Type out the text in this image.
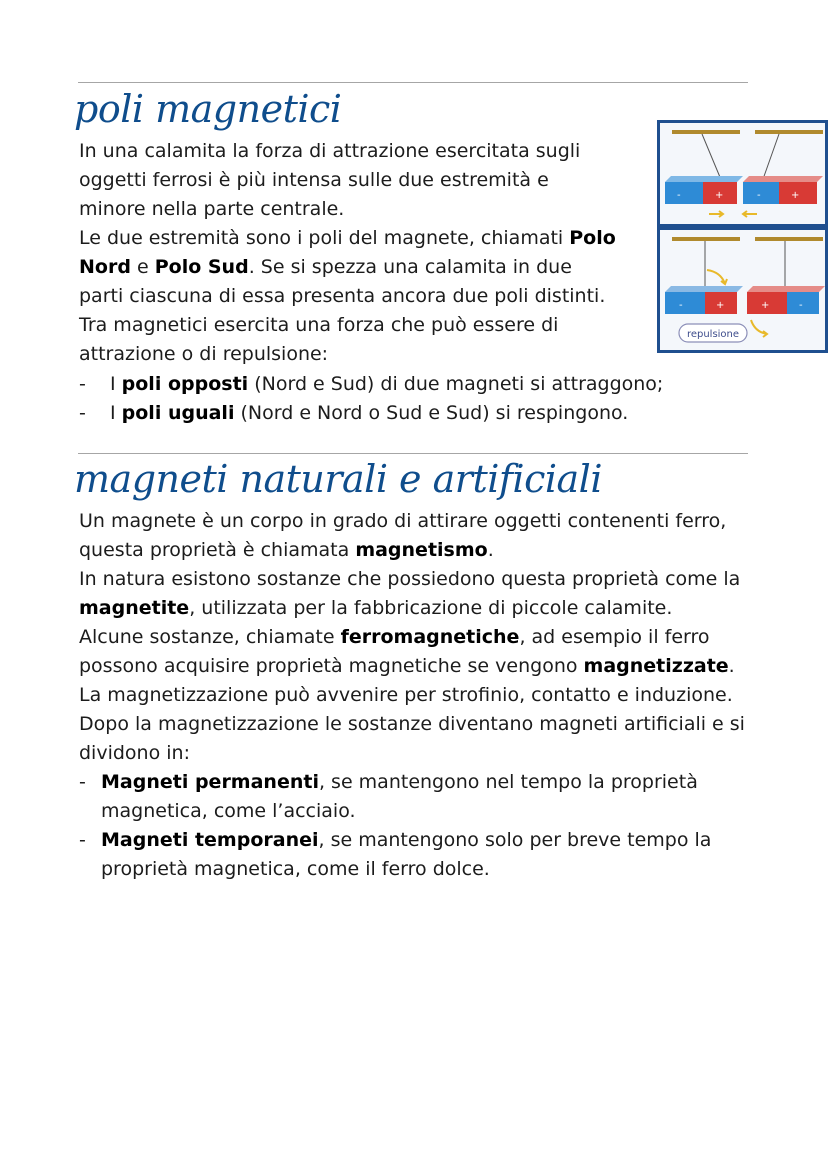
poli magnetici

In una calamita la forza di attrazione esercitata sugli oggetti ferrosi è più intensa sulle due estremità e minore nella parte centrale.

Le due estremità sono i poli del magnete, chiamati Polo Nord e Polo Sud. Se si spezza una calamita in due parti ciascuna di essa presenta ancora due poli distinti. Tra magnetici esercita una forza che può essere di attrazione o di repulsione:

- I poli opposti (Nord e Sud) di due magneti si attraggono;
- I poli uguali (Nord e Nord o Sud e Sud) si respingono.
-	+	-	+
-	+	+	-
repulsione
magneti naturali e artificiali

Un magnete è un corpo in grado di attirare oggetti contenenti ferro, questa proprietà è chiamata magnetismo.

In natura esistono sostanze che possiedono questa proprietà come la magnetite, utilizzata per la fabbricazione di piccole calamite.

Alcune sostanze, chiamate ferromagnetiche, ad esempio il ferro possono acquisire proprietà magnetiche se vengono magnetizzate.

La magnetizzazione può avvenire per strofinio, contatto e induzione.

Dopo la magnetizzazione le sostanze diventano magneti artificiali e si dividono in:

- Magneti permanenti, se mantengono nel tempo la proprietà magnetica, come l’acciaio.
- Magneti temporanei, se mantengono solo per breve tempo la proprietà magnetica, come il ferro dolce.
